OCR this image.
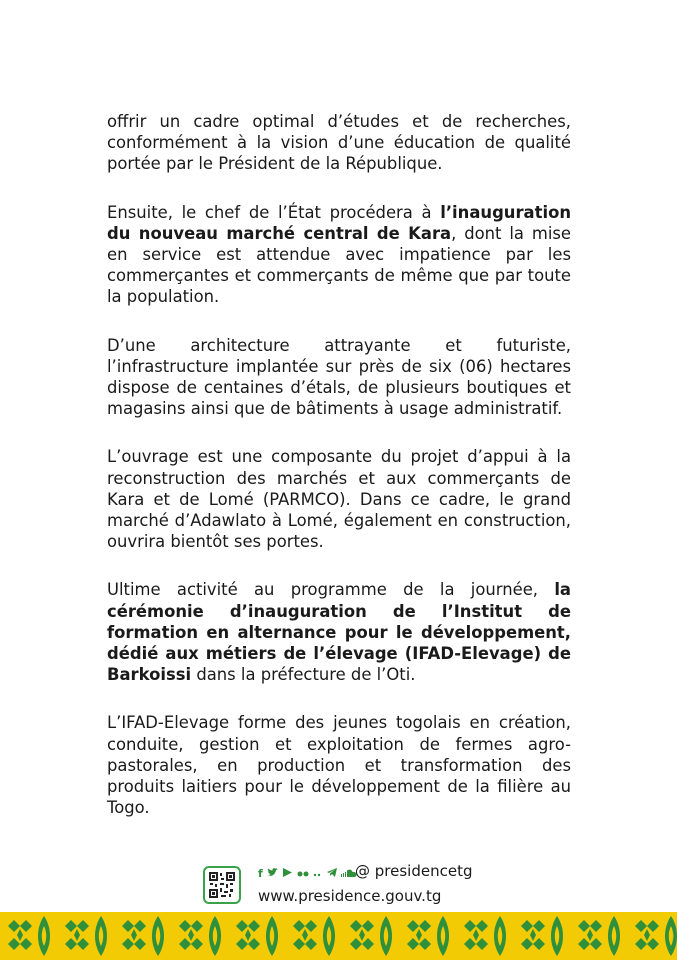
offrir un cadre optimal d’études et de recherches, conformément à la vision d’une éducation de qualité portée par le Président de la République.

Ensuite, le chef de l’État procédera à l’inauguration du nouveau marché central de Kara, dont la mise en service est attendue avec impatience par les commerçantes et commerçants de même que par toute la population.

D’une architecture attrayante et futuriste, l’infrastructure implantée sur près de six (06) hectares dispose de centaines d’étals, de plusieurs boutiques et magasins ainsi que de bâtiments à usage administratif.

L’ouvrage est une composante du projet d’appui à la reconstruction des marchés et aux commerçants de Kara et de Lomé (PARMCO). Dans ce cadre, le grand marché d’Adawlato à Lomé, également en construction, ouvrira bientôt ses portes.

Ultime activité au programme de la journée, la cérémonie d’inauguration de l’Institut de formation en alternance pour le développement, dédié aux métiers de l’élevage (IFAD-Elevage) de Barkoissi dans la préfecture de l’Oti.

L’IFAD-Elevage forme des jeunes togolais en création, conduite, gestion et exploitation de fermes agro-pastorales, en production et transformation des produits laitiers pour le développement de la filière au Togo.

f	@ presidencetg
www.presidence.gouv.tg
